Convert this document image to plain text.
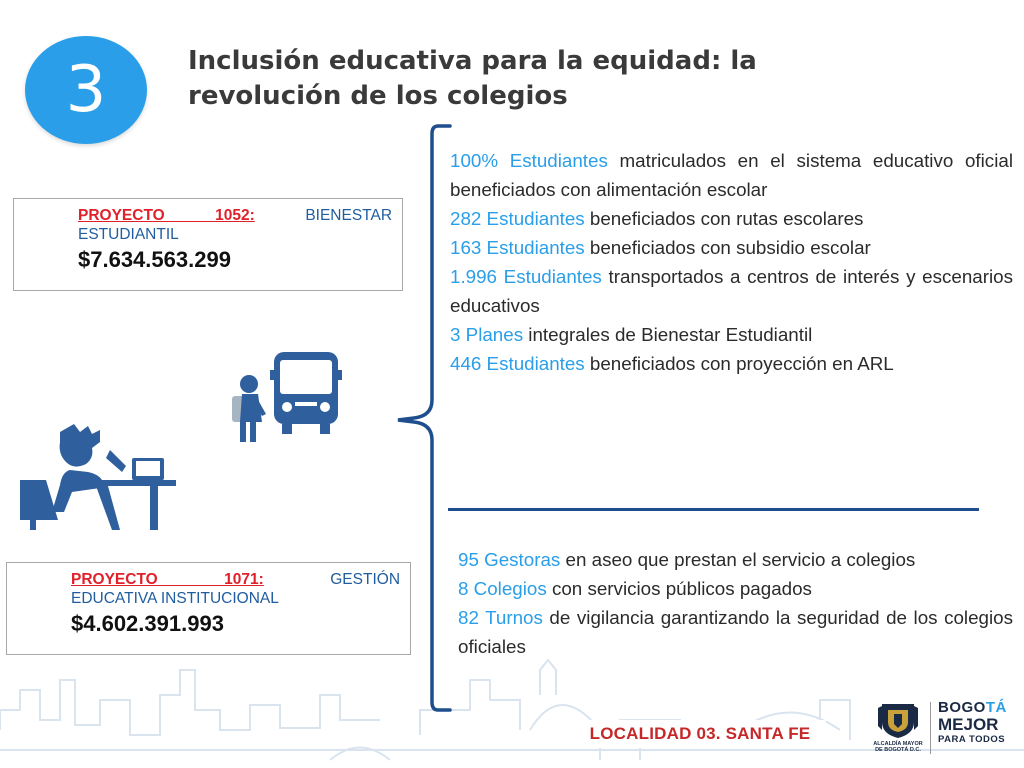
3	Inclusión educativa para la equidad: la
revolución de los colegios
PROYECTO 1052:	BIENESTAR
ESTUDIANTIL
$7.634.563.299
PROYECTO 1071:	GESTIÓN
EDUCATIVA INSTITUCIONAL
$4.602.391.993

100% Estudiantes matriculados en el sistema educativo oficial beneficiados con alimentación escolar

282 Estudiantes beneficiados con rutas escolares

163 Estudiantes beneficiados con subsidio escolar

1.996 Estudiantes transportados a centros de interés y escenarios educativos

3 Planes integrales de Bienestar Estudiantil

446 Estudiantes beneficiados con proyección en ARL

95 Gestoras en aseo que prestan el servicio a colegios

8 Colegios con servicios públicos pagados

82 Turnos de vigilancia garantizando la seguridad de los colegios oficiales

LOCALIDAD 03. SANTA FE
ALCALDÍA MAYOR
DE BOGOTÁ D.C.
BOGOTÁ
MEJOR
PARA TODOS
